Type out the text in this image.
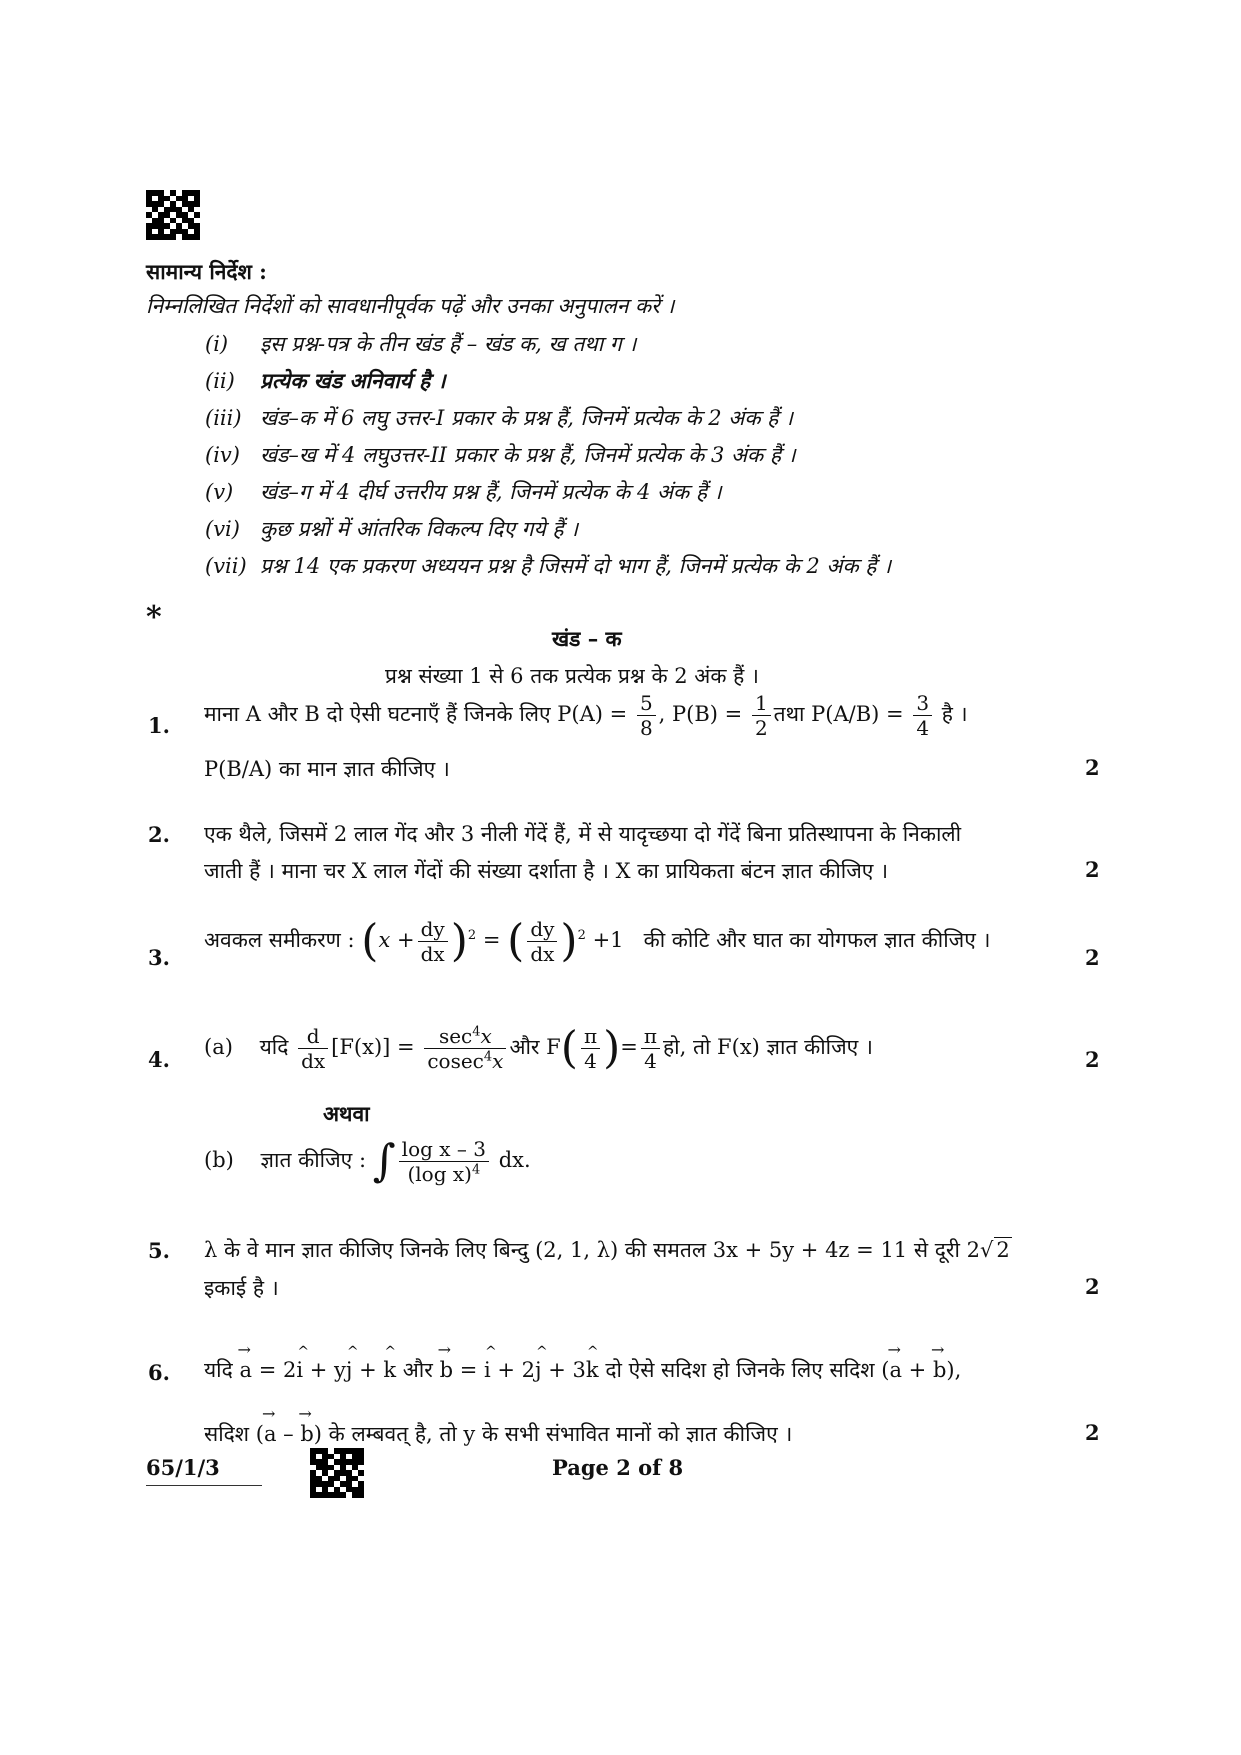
सामान्य निर्देश :
निम्नलिखित निर्देशों को सावधानीपूर्वक पढ़ें और उनका अनुपालन करें ।
(i) इस प्रश्न-पत्र के तीन खंड हैं – खंड क, ख तथा ग ।
(ii) प्रत्येक खंड अनिवार्य है ।
(iii) खंड–क में 6 लघु उत्तर-I प्रकार के प्रश्न हैं, जिनमें प्रत्येक के 2 अंक हैं ।
(iv) खंड–ख में 4 लघुउत्तर-II प्रकार के प्रश्न हैं, जिनमें प्रत्येक के 3 अंक हैं ।
(v) खंड–ग में 4 दीर्घ उत्तरीय प्रश्न हैं, जिनमें प्रत्येक के 4 अंक हैं ।
(vi) कुछ प्रश्नों में आंतरिक विकल्प दिए गये हैं ।
(vii) प्रश्न 14 एक प्रकरण अध्ययन प्रश्न है जिसमें दो भाग हैं, जिनमें प्रत्येक के 2 अंक हैं ।
*
खंड – क
प्रश्न संख्या 1 से 6 तक प्रत्येक प्रश्न के 2 अंक हैं ।
1. माना A और B दो ऐसी घटनाएँ हैं जिनके लिए $P(A) = \frac{5}{8}$ , $P(B) = \frac{1}{2}$ तथा $P(A/B) = \frac{3}{4}$ है ।
P(B/A) का मान ज्ञात कीजिए ।	2
2. एक थैले, जिसमें 2 लाल गेंद और 3 नीली गेंदें हैं, में से यादृच्छया दो गेंदें बिना प्रतिस्थापना के निकाली
जाती हैं । माना चर X लाल गेंदों की संख्या दर्शाता है । X का प्रायिकता बंटन ज्ञात कीजिए ।	2
3.
अवकल समीकरण : $(x + \frac{dy}{dx} )^2$ = ( $\frac{dy}{dx} )^2 +1$ की कोटि और घात का योगफल ज्ञात कीजिए ।
2
4. (a) यदि $\frac{d}{dx} [F(x)] = \frac{\sec^4x}{cosec^4x}$ और $F( \frac{\pi}{4}$ )= $\frac{\pi}{4}$ हो, तो F(x) ज्ञात कीजिए ।	2
अथवा
(b) ज्ञात कीजिए : ∫ $\frac{\text{log x – 3}}{(\log x)^4}$ dx.
5. λ के वे मान ज्ञात कीजिए जिनके लिए बिन्दु (2, 1, λ) की समतल 3x + 5y + 4z = 11 से दूरी 2√ 2
इकाई है ।	2
6. यदि → a = 2^ i + y^ j + ^ k और → b = ^ i + 2^ j + 3^ k दो ऐसे सदिश हो जिनके लिए सदिश (→ a + → b),
सदिश (→ a – → b) के लम्बवत् है, तो y के सभी संभावित मानों को ज्ञात कीजिए ।	2
65/1/3	Page 2 of 8
